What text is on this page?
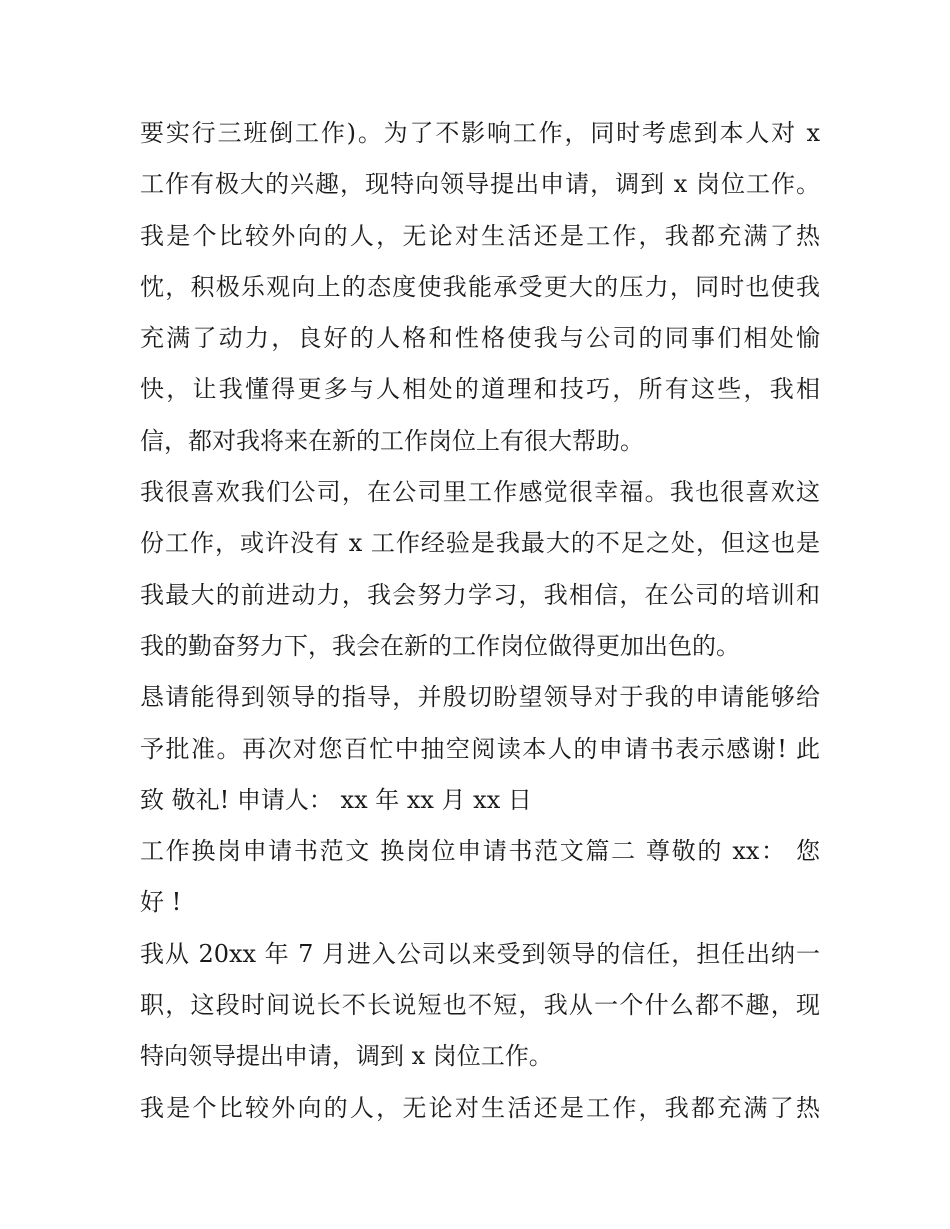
要实行三班倒工作)。为了不影响工作，同时考虑到本人对 x
工作有极大的兴趣，现特向领导提出申请，调到 x 岗位工作。
我是个比较外向的人，无论对生活还是工作，我都充满了热
忱，积极乐观向上的态度使我能承受更大的压力，同时也使我
充满了动力，良好的人格和性格使我与公司的同事们相处愉
快，让我懂得更多与人相处的道理和技巧，所有这些，我相
信，都对我将来在新的工作岗位上有很大帮助。
我很喜欢我们公司，在公司里工作感觉很幸福。我也很喜欢这
份工作，或许没有 x 工作经验是我最大的不足之处，但这也是
我最大的前进动力，我会努力学习，我相信，在公司的培训和
我的勤奋努力下，我会在新的工作岗位做得更加出色的。
恳请能得到领导的指导，并殷切盼望领导对于我的申请能够给
予批准。再次对您百忙中抽空阅读本人的申请书表示感谢! 此
致 敬礼! 申请人： xx 年 xx 月 xx 日
工作换岗申请书范文 换岗位申请书范文篇二 尊敬的 xx： 您
好 !
我从 20xx 年 7 月进入公司以来受到领导的信任，担任出纳一
职，这段时间说长不长说短也不短，我从一个什么都不趣，现
特向领导提出申请，调到 x 岗位工作。
我是个比较外向的人，无论对生活还是工作，我都充满了热
